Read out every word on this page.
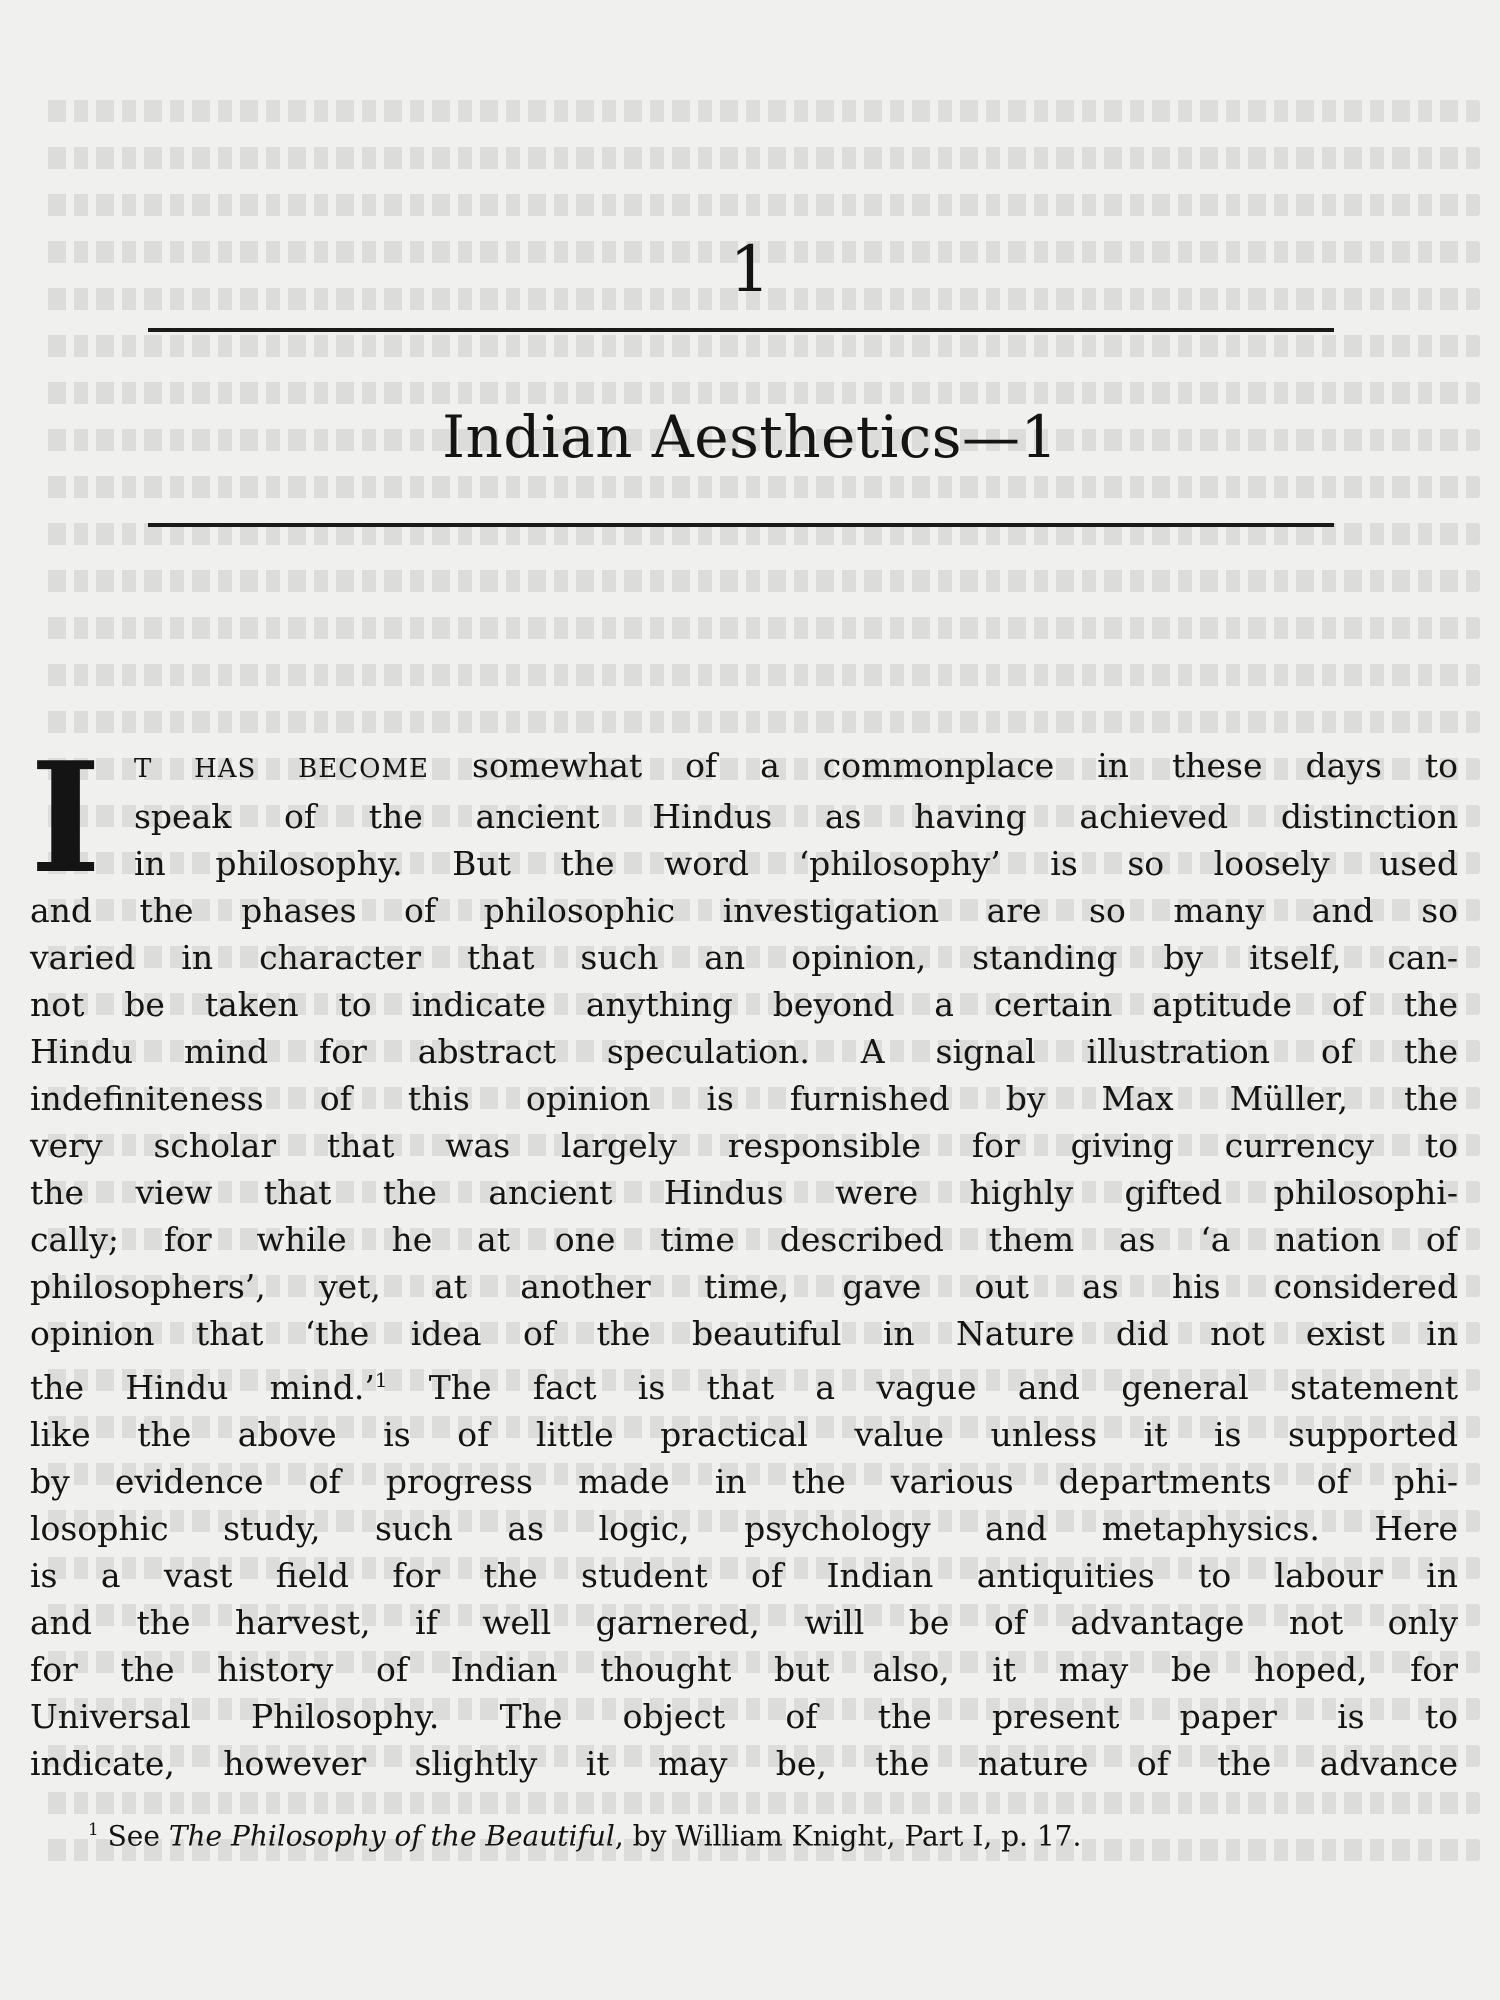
1
Indian Aesthetics—1
I	T HAS BECOME somewhat of a commonplace in these days to
speak of the ancient Hindus as having achieved distinction
in philosophy. But the word ‘philosophy’ is so loosely used
and the phases of philosophic investigation are so many and so
varied in character that such an opinion, standing by itself, can-
not be taken to indicate anything beyond a certain aptitude of the
Hindu mind for abstract speculation. A signal illustration of the
indefiniteness of this opinion is furnished by Max Müller, the
very scholar that was largely responsible for giving currency to
the view that the ancient Hindus were highly gifted philosophi-
cally; for while he at one time described them as ‘a nation of
philosophers’, yet, at another time, gave out as his considered
opinion that ‘the idea of the beautiful in Nature did not exist in
the Hindu mind.’$^1$ The fact is that a vague and general statement
like the above is of little practical value unless it is supported
by evidence of progress made in the various departments of phi-
losophic study, such as logic, psychology and metaphysics. Here
is a vast field for the student of Indian antiquities to labour in
and the harvest, if well garnered, will be of advantage not only
for the history of Indian thought but also, it may be hoped, for
Universal Philosophy. The object of the present paper is to
indicate, however slightly it may be, the nature of the advance
$^1$ See The Philosophy of the Beautiful, by William Knight, Part I, p. 17.
